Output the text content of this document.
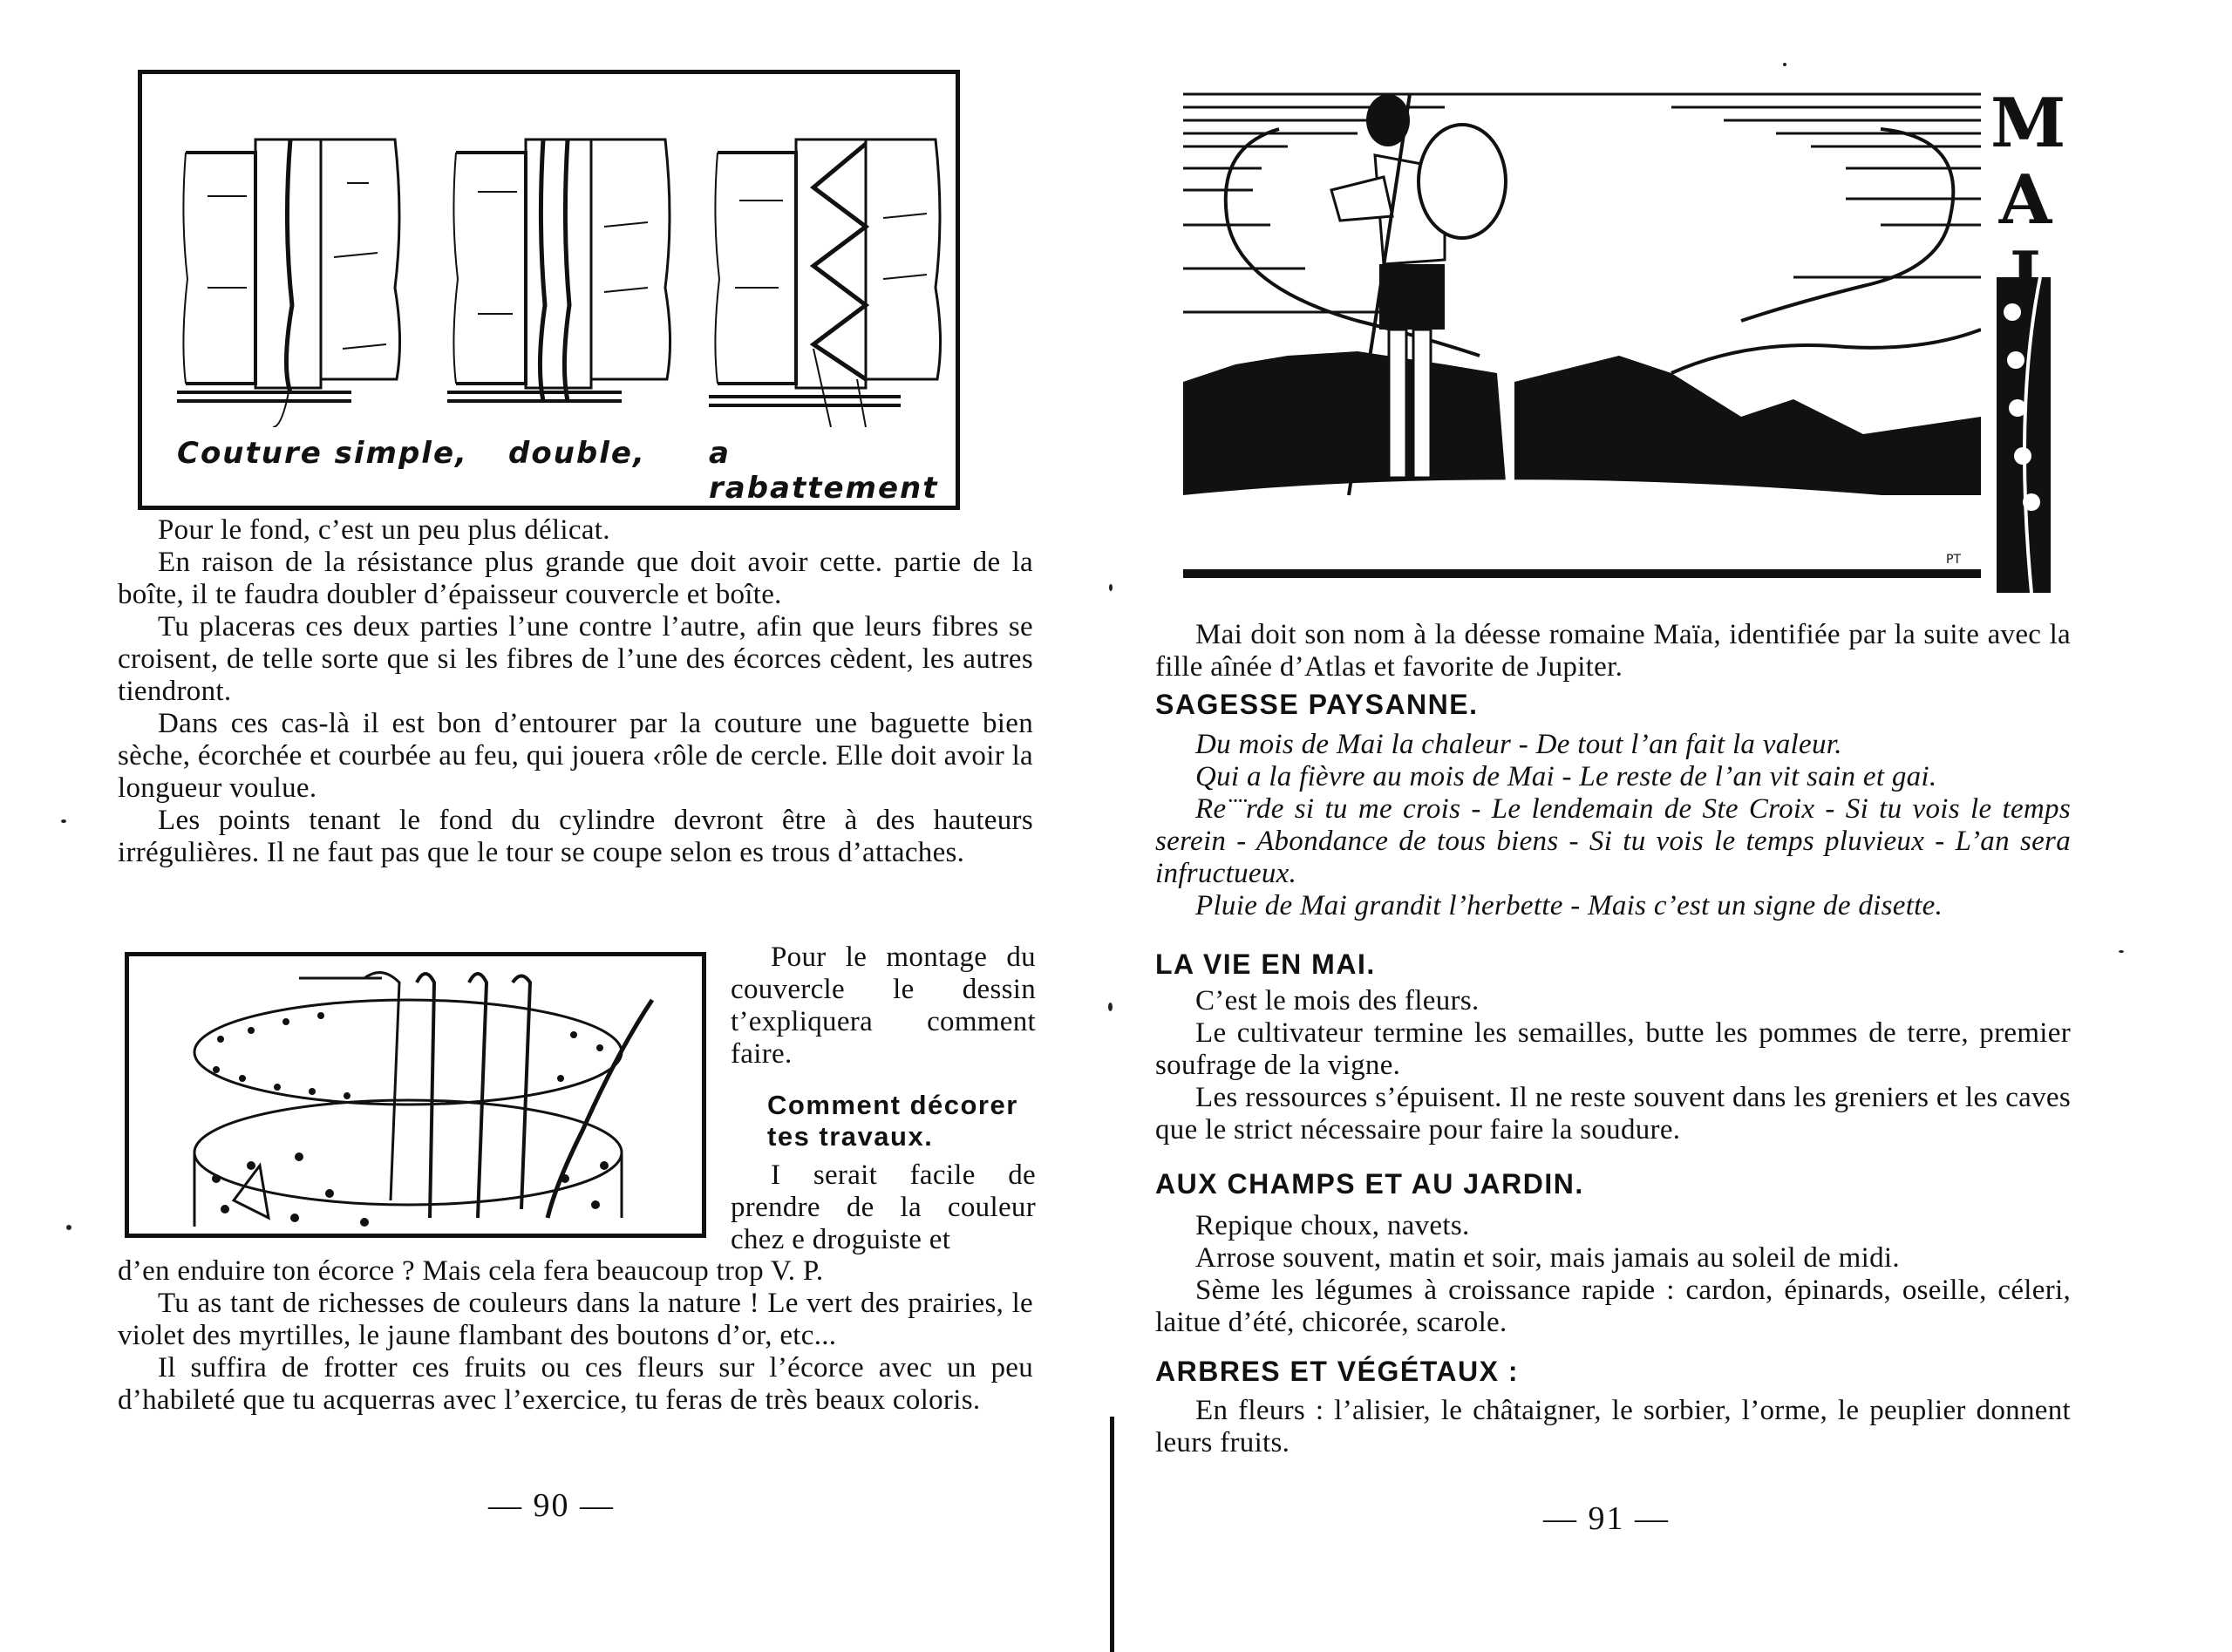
Couture simple, double, a rabattement

Pour le fond, c’est un peu plus délicat.

En raison de la résistance plus grande que doit avoir cette. partie de la boîte, il te faudra doubler d’épaisseur couvercle et boîte.

Tu placeras ces deux parties l’une contre l’autre, afin que leurs fibres se croisent, de telle sorte que si les fibres de l’une des écorces cèdent, les autres tiendront.

Dans ces cas-là il est bon d’entourer par la couture une baguette bien sèche, écorchée et courbée au feu, qui jouera ‹rôle de cercle. Elle doit avoir la longueur voulue.

Les points tenant le fond du cylindre devront être à des hauteurs irrégulières. Il ne faut pas que le tour se coupe selon es trous d’attaches.

Pour le montage du couvercle le dessin t’expliquera comment faire.

Comment décorer tes travaux.

I serait facile de prendre de la couleur chez e droguiste et

d’en enduire ton écorce ? Mais cela fera beaucoup trop V. P.

Tu as tant de richesses de couleurs dans la nature ! Le vert des prairies, le violet des myrtilles, le jaune flambant des boutons d’or, etc...

Il suffira de frotter ces fruits ou ces fleurs sur l’écorce avec un peu d’habileté que tu acquerras avec l’exercice, tu feras de très beaux coloris.

— 90 —
PT
M
A

Mai doit son nom à la déesse romaine Maïa, identifiée par la suite avec la fille aînée d’Atlas et favorite de Jupiter.

SAGESSE PAYSANNE.

Du mois de Mai la chaleur - De tout l’an fait la valeur.

Qui a la fièvre au mois de Mai - Le reste de l’an vit sain et gai.

Re¨¨rde si tu me crois - Le lendemain de Ste Croix - Si tu vois le temps serein - Abondance de tous biens - Si tu vois le temps pluvieux - L’an sera infructueux.

Pluie de Mai grandit l’herbette - Mais c’est un signe de disette.

LA VIE EN MAI.

C’est le mois des fleurs.

Le cultivateur termine les semailles, butte les pommes de terre, premier soufrage de la vigne.

Les ressources s’épuisent. Il ne reste souvent dans les greniers et les caves que le strict nécessaire pour faire la soudure.

AUX CHAMPS ET AU JARDIN.

Repique choux, navets.

Arrose souvent, matin et soir, mais jamais au soleil de midi.

Sème les légumes à croissance rapide : cardon, épinards, oseille, céleri, laitue d’été, chicorée, scarole.

ARBRES ET VÉGÉTAUX :

En fleurs : l’alisier, le châtaigner, le sorbier, l’orme, le peuplier donnent leurs fruits.

— 91 —
